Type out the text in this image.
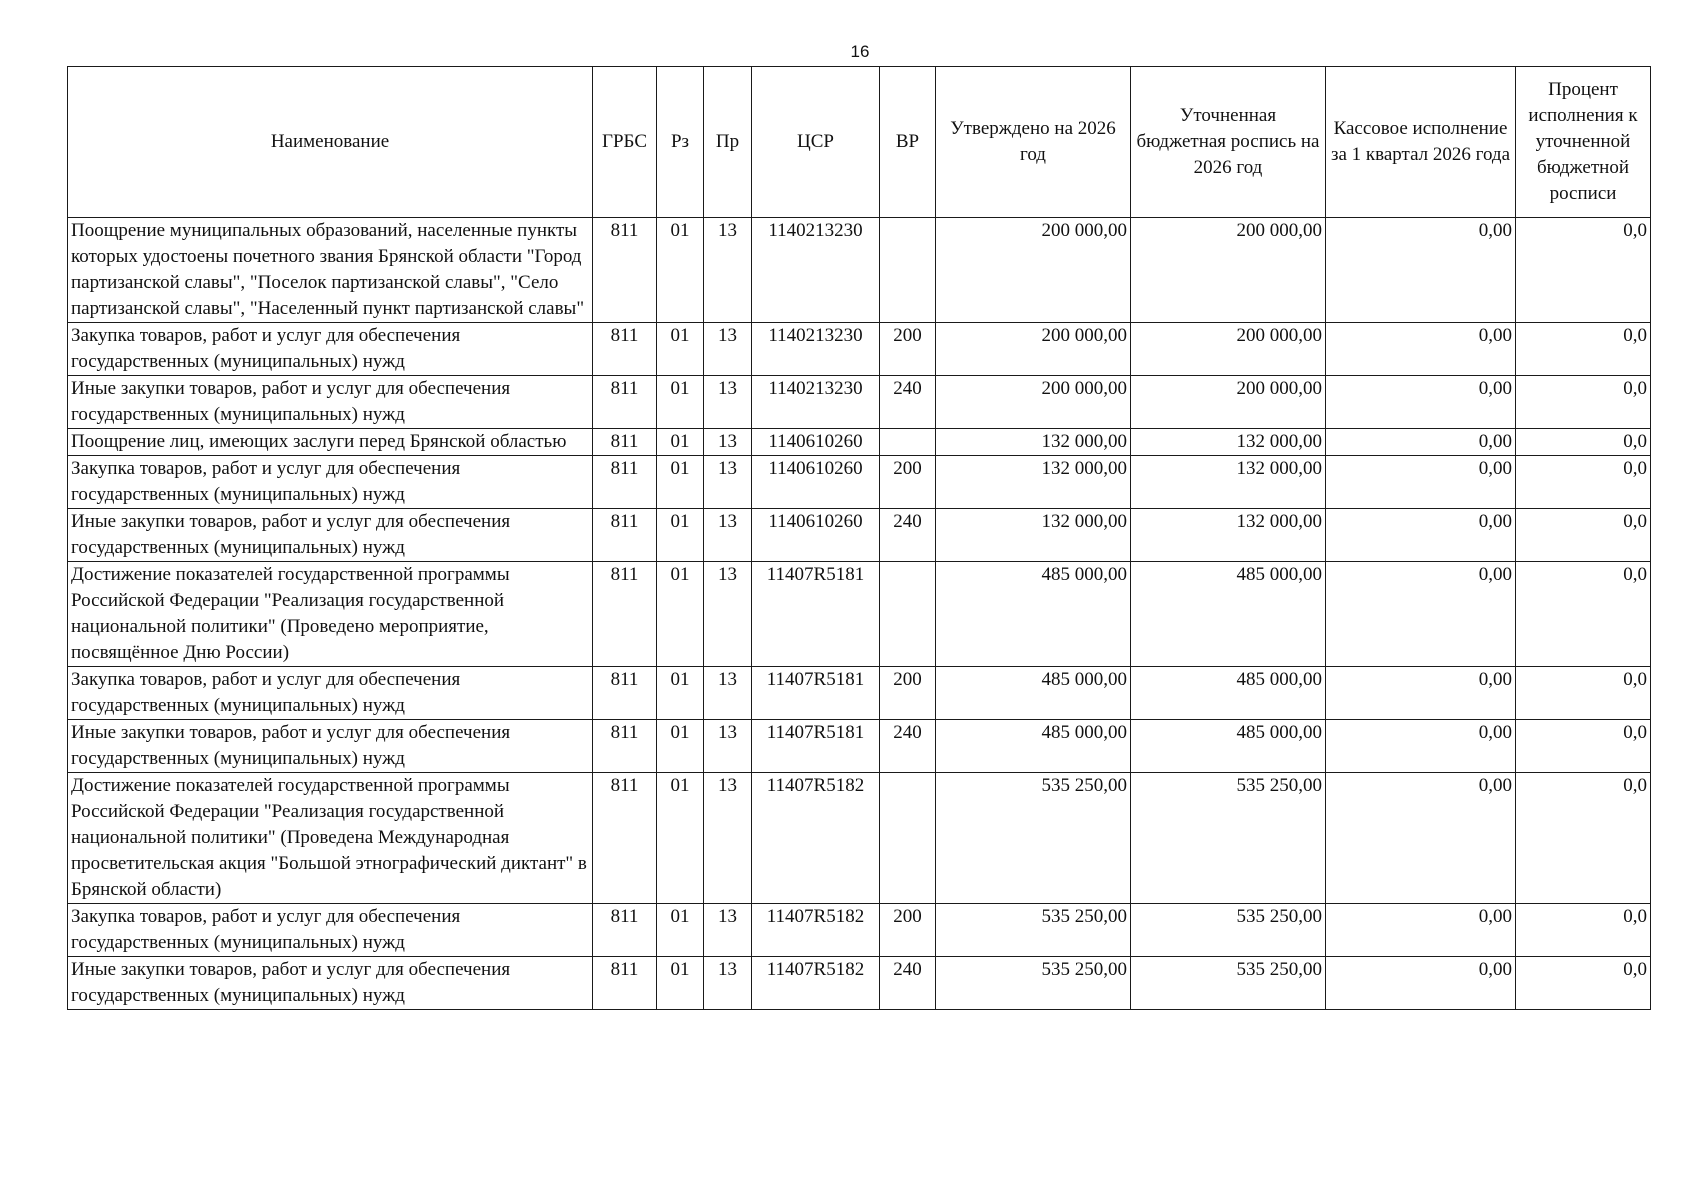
16
Наименование	ГРБС	Рз	Пр	ЦСР	ВР	Утверждено на 2026 год	Уточненная бюджетная роспись на 2026 год	Кассовое исполнение за 1 квартал 2026 года	Процент исполнения к уточненной бюджетной росписи
Поощрение муниципальных образований, населенные пункты которых удостоены почетного звания Брянской области "Город партизанской славы", "Поселок партизанской славы", "Село партизанской славы", "Населенный пункт партизанской славы"	811	01	13	1140213230		200 000,00	200 000,00	0,00	0,0
Закупка товаров, работ и услуг для обеспечения государственных (муниципальных) нужд	811	01	13	1140213230	200	200 000,00	200 000,00	0,00	0,0
Иные закупки товаров, работ и услуг для обеспечения государственных (муниципальных) нужд	811	01	13	1140213230	240	200 000,00	200 000,00	0,00	0,0
Поощрение лиц, имеющих заслуги перед Брянской областью	811	01	13	1140610260		132 000,00	132 000,00	0,00	0,0
Закупка товаров, работ и услуг для обеспечения государственных (муниципальных) нужд	811	01	13	1140610260	200	132 000,00	132 000,00	0,00	0,0
Иные закупки товаров, работ и услуг для обеспечения государственных (муниципальных) нужд	811	01	13	1140610260	240	132 000,00	132 000,00	0,00	0,0
Достижение показателей государственной программы Российской Федерации "Реализация государственной национальной политики" (Проведено мероприятие, посвящённое Дню России)	811	01	13	11407R5181		485 000,00	485 000,00	0,00	0,0
Закупка товаров, работ и услуг для обеспечения государственных (муниципальных) нужд	811	01	13	11407R5181	200	485 000,00	485 000,00	0,00	0,0
Иные закупки товаров, работ и услуг для обеспечения государственных (муниципальных) нужд	811	01	13	11407R5181	240	485 000,00	485 000,00	0,00	0,0
Достижение показателей государственной программы Российской Федерации "Реализация государственной национальной политики" (Проведена Международная просветительская акция "Большой этнографический диктант" в Брянской области)	811	01	13	11407R5182		535 250,00	535 250,00	0,00	0,0
Закупка товаров, работ и услуг для обеспечения государственных (муниципальных) нужд	811	01	13	11407R5182	200	535 250,00	535 250,00	0,00	0,0
Иные закупки товаров, работ и услуг для обеспечения государственных (муниципальных) нужд	811	01	13	11407R5182	240	535 250,00	535 250,00	0,00	0,0
